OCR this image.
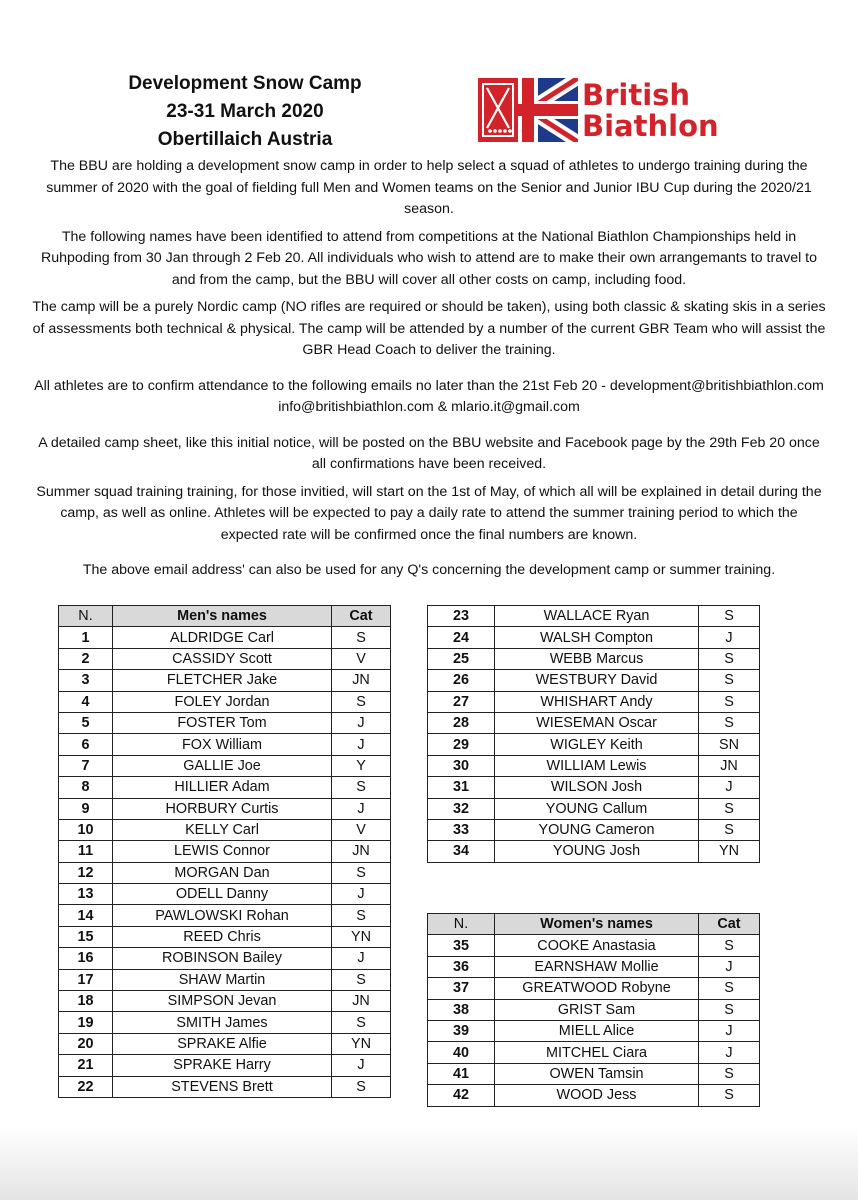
Development Snow Camp
23-31 March 2020
Obertillaich Austria
British
Biathlon

The BBU are holding a development snow camp in order to help select a squad of athletes to undergo training during the summer of 2020 with the goal of fielding full Men and Women teams on the Senior and Junior IBU Cup during the 2020/21 season.

The following names have been identified to attend from competitions at the National Biathlon Championships held in Ruhpoding from 30 Jan through 2 Feb 20. All individuals who wish to attend are to make their own arrangemants to travel to and from the camp, but the BBU will cover all other costs on camp, including food.

The camp will be a purely Nordic camp (NO rifles are required or should be taken), using both classic & skating skis in a series of assessments both technical & physical. The camp will be attended by a number of the current GBR Team who will assist the GBR Head Coach to deliver the training.

All athletes are to confirm attendance to the following emails no later than the 21st Feb 20 - development@britishbiathlon.com info@britishbiathlon.com & mlario.it@gmail.com

A detailed camp sheet, like this initial notice, will be posted on the BBU website and Facebook page by the 29th Feb 20 once all confirmations have been received.

Summer squad training training, for those invitied, will start on the 1st of May, of which all will be explained in detail during the camp, as well as online. Athletes will be expected to pay a daily rate to attend the summer training period to which the expected rate will be confirmed once the final numbers are known.

The above email address' can also be used for any Q's concerning the development camp or summer training.

N.	Men's names	Cat
1	ALDRIDGE Carl	S
2	CASSIDY Scott	V
3	FLETCHER Jake	JN
4	FOLEY Jordan	S
5	FOSTER Tom	J
6	FOX William	J
7	GALLIE Joe	Y
8	HILLIER Adam	S
9	HORBURY Curtis	J
10	KELLY Carl	V
11	LEWIS Connor	JN
12	MORGAN Dan	S
13	ODELL Danny	J
14	PAWLOWSKI Rohan	S
15	REED Chris	YN
16	ROBINSON Bailey	J
17	SHAW Martin	S
18	SIMPSON Jevan	JN
19	SMITH James	S
20	SPRAKE Alfie	YN
21	SPRAKE Harry	J
22	STEVENS Brett	S
23	WALLACE Ryan	S
24	WALSH Compton	J
25	WEBB Marcus	S
26	WESTBURY David	S
27	WHISHART Andy	S
28	WIESEMAN Oscar	S
29	WIGLEY Keith	SN
30	WILLIAM Lewis	JN
31	WILSON Josh	J
32	YOUNG Callum	S
33	YOUNG Cameron	S
34	YOUNG Josh	YN
N.	Women's names	Cat
35	COOKE Anastasia	S
36	EARNSHAW Mollie	J
37	GREATWOOD Robyne	S
38	GRIST Sam	S
39	MIELL Alice	J
40	MITCHEL Ciara	J
41	OWEN Tamsin	S
42	WOOD Jess	S
